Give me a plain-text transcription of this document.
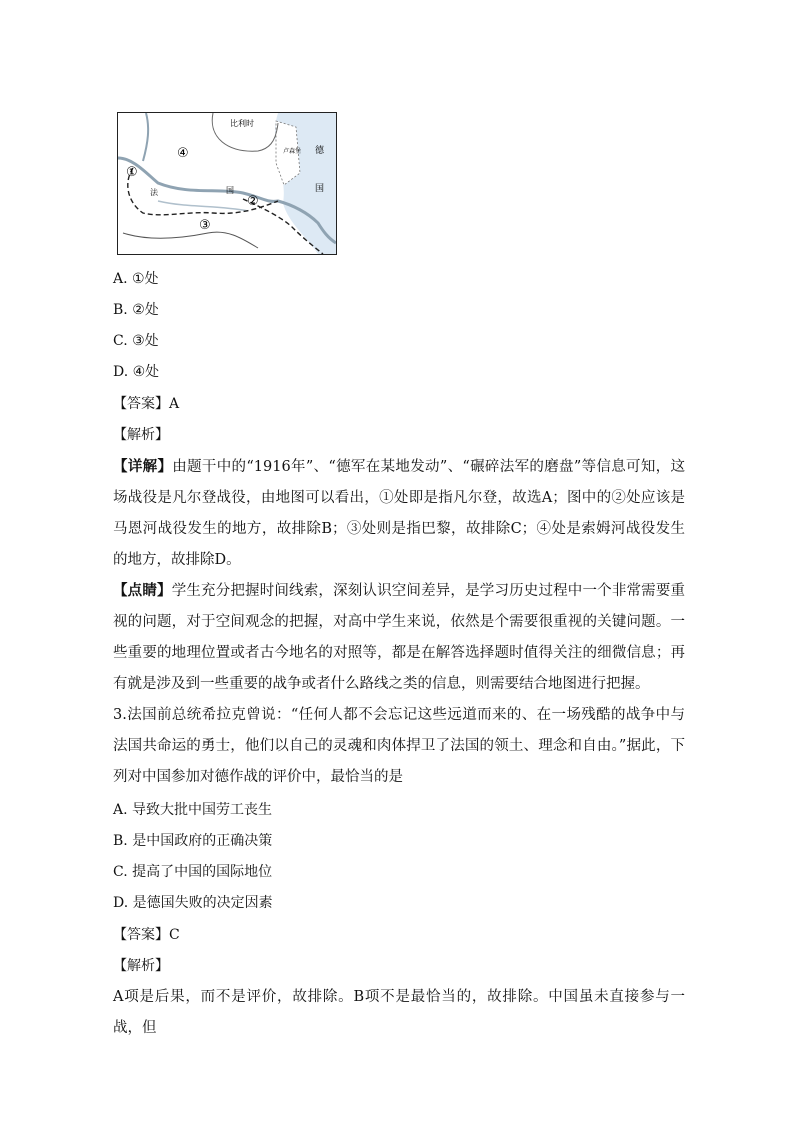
①
②
③
④
比利时
卢森堡 德
国
法	国
A. ①处
B. ②处
C. ③处
D. ④处
【答案】A
【解析】
【详解】由题干中的“1916年”、“德军在某地发动”、“碾碎法军的磨盘”等信息可知，这场战役是凡尔登战役，由地图可以看出，①处即是指凡尔登，故选A；图中的②处应该是马恩河战役发生的地方，故排除B；③处则是指巴黎，故排除C；④处是索姆河战役发生的地方，故排除D。
【点睛】学生充分把握时间线索，深刻认识空间差异，是学习历史过程中一个非常需要重视的问题，对于空间观念的把握，对高中学生来说，依然是个需要很重视的关键问题。一些重要的地理位置或者古今地名的对照等，都是在解答选择题时值得关注的细微信息；再有就是涉及到一些重要的战争或者什么路线之类的信息，则需要结合地图进行把握。
3.法国前总统希拉克曾说：“任何人都不会忘记这些远道而来的、在一场残酷的战争中与法国共命运的勇士，他们以自己的灵魂和肉体捍卫了法国的领土、理念和自由。”据此，下列对中国参加对德作战的评价中，最恰当的是
A. 导致大批中国劳工丧生
B. 是中国政府的正确决策
C. 提高了中国的国际地位
D. 是德国失败的决定因素
【答案】C
【解析】
A项是后果，而不是评价，故排除。B项不是最恰当的，故排除。中国虽未直接参与一战，但
